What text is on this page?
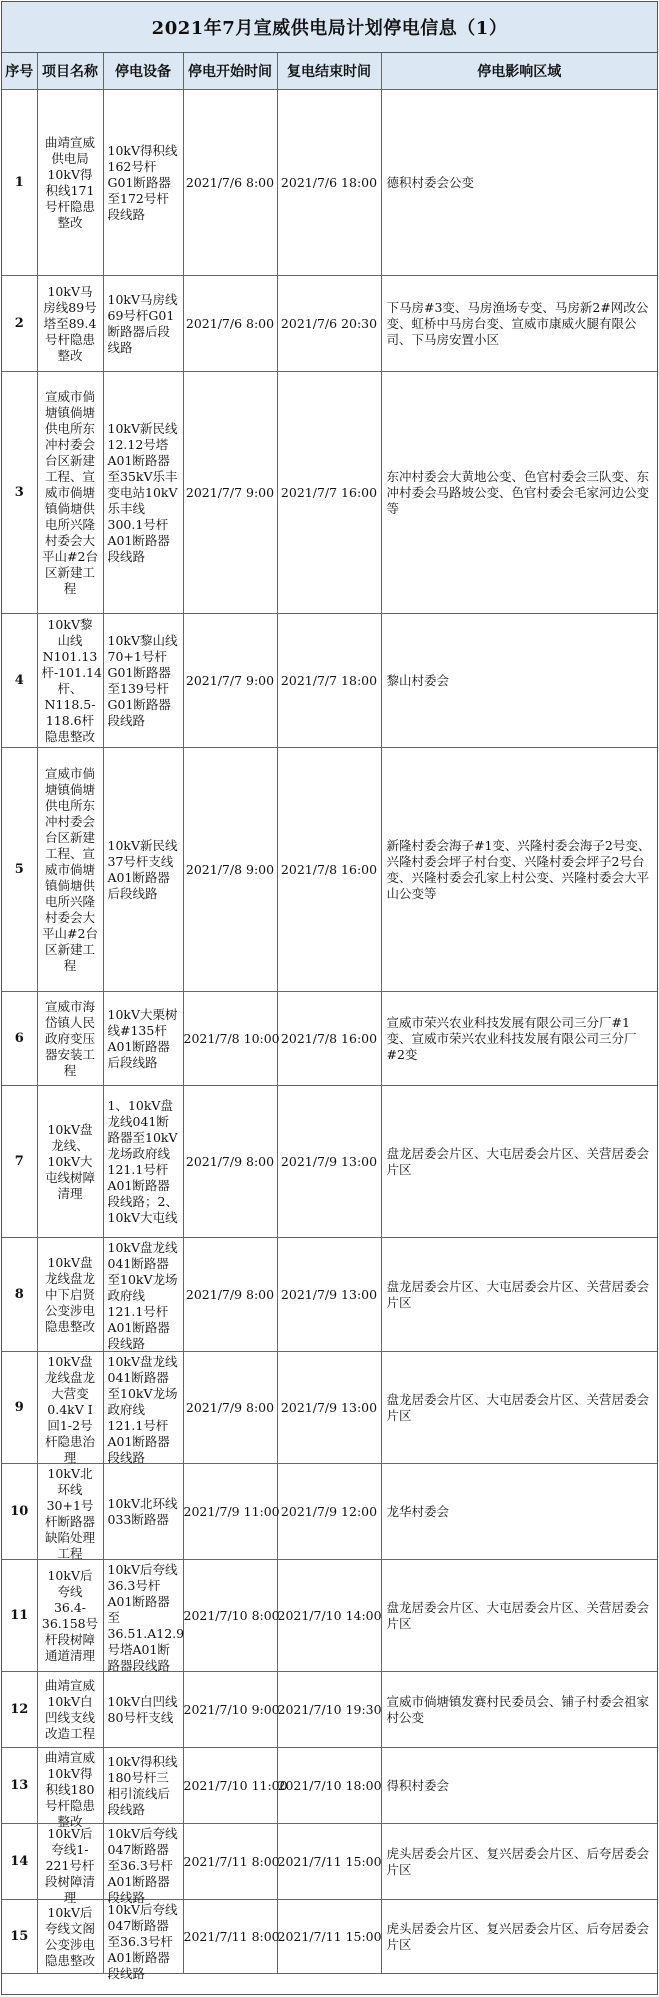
2021年7月宣威供电局计划停电信息（1）
序号	项目名称	停电设备	停电开始时间	复电结束时间	停电影响区域
1	曲靖宣威供电局10kV得积线171号杆隐患整改	10kV得积线162号杆G01断路器至172号杆段线路	2021/7/6 8:00	2021/7/6 18:00	德积村委会公变

2	10kV马房线89号塔至89.4号杆隐患整改	10kV马房线69号杆G01断路器后段线路	2021/7/6 8:00	2021/7/6 20:30	下马房#3变、马房渔场专变、马房新2#网改公变、虹桥中马房台变、宣威市康威火腿有限公司、下马房安置小区

3	宣威市倘塘镇倘塘供电所东冲村委会台区新建工程、宣威市倘塘镇倘塘供电所兴隆村委会大平山#2台区新建工程	10kV新民线12.12号塔A01断路器至35kV乐丰变电站10kV乐丰线300.1号杆A01断路器段线路	2021/7/7 9:00	2021/7/7 16:00	东冲村委会大黄地公变、色官村委会三队变、东冲村委会马路坡公变、色官村委会毛家河边公变等

4	10kV黎山线N101.13杆-101.14杆、N118.5-118.6杆隐患整改	10kV黎山线70+1号杆G01断路器至139号杆G01断路器段线路	2021/7/7 9:00	2021/7/7 18:00	黎山村委会

5	宣威市倘塘镇倘塘供电所东冲村委会台区新建工程、宣威市倘塘镇倘塘供电所兴隆村委会大平山#2台区新建工程	10kV新民线37号杆支线A01断路器后段线路	2021/7/8 9:00	2021/7/8 16:00	新隆村委会海子#1变、兴隆村委会海子2号变、兴隆村委会坪子村台变、兴隆村委会坪子2号台变、兴隆村委会孔家上村公变、兴隆村委会大平山公变等

6	宣威市海岱镇人民政府变压器安装工程	10kV大栗树线#135杆A01断路器后段线路	2021/7/8 10:00	2021/7/8 16:00	宣威市荣兴农业科技发展有限公司三分厂#1变、宣威市荣兴农业科技发展有限公司三分厂#2变

7	10kV盘龙线、10kV大屯线树障清理	1、10kV盘龙线041断路器至10kV龙场政府线121.1号杆A01断路器段线路；2、10kV大屯线	2021/7/9 8:00	2021/7/9 13:00	盘龙居委会片区、大屯居委会片区、关营居委会片区

8	10kV盘龙线盘龙中下启贤公变涉电隐患整改	10kV盘龙线041断路器至10kV龙场政府线121.1号杆A01断路器段线路	2021/7/9 8:00	2021/7/9 13:00	盘龙居委会片区、大屯居委会片区、关营居委会片区

9	10kV盘龙线盘龙大营变0.4kV I回1-2号杆隐患治理	10kV盘龙线041断路器至10kV龙场政府线121.1号杆A01断路器段线路	2021/7/9 8:00	2021/7/9 13:00	盘龙居委会片区、大屯居委会片区、关营居委会片区

10	10kV北环线30+1号杆断路器缺陷处理工程	10kV北环线033断路器	2021/7/9 11:00	2021/7/9 12:00	龙华村委会

11	10kV后夸线36.4-36.158号杆段树障通道清理	10kV后夸线36.3号杆A01断路器至36.51.A12.9号塔A01断路器段线路	2021/7/10 8:00	2021/7/10 14:00	盘龙居委会片区、大屯居委会片区、关营居委会片区

12	曲靖宣威10kV白凹线支线改造工程	10kV白凹线80号杆支线	2021/7/10 9:00	2021/7/10 19:30	宣威市倘塘镇发赛村民委员会、铺子村委会祖家村公变

13	曲靖宣威10kV得积线180号杆隐患整改	10kV得积线180号杆三相引流线后段线路	2021/7/10 11:00	2021/7/10 18:00	得积村委会

14	10kV后夸线1-221号杆段树障清理	10kV后夸线047断路器至36.3号杆A01断路器段线路	2021/7/11 8:00	2021/7/11 15:00	虎头居委会片区、复兴居委会片区、后夸居委会片区

15	10kV后夸线文阁公变涉电隐患整改	10kV后夸线047断路器至36.3号杆A01断路器段线路	2021/7/11 8:00	2021/7/11 15:00	虎头居委会片区、复兴居委会片区、后夸居委会片区
